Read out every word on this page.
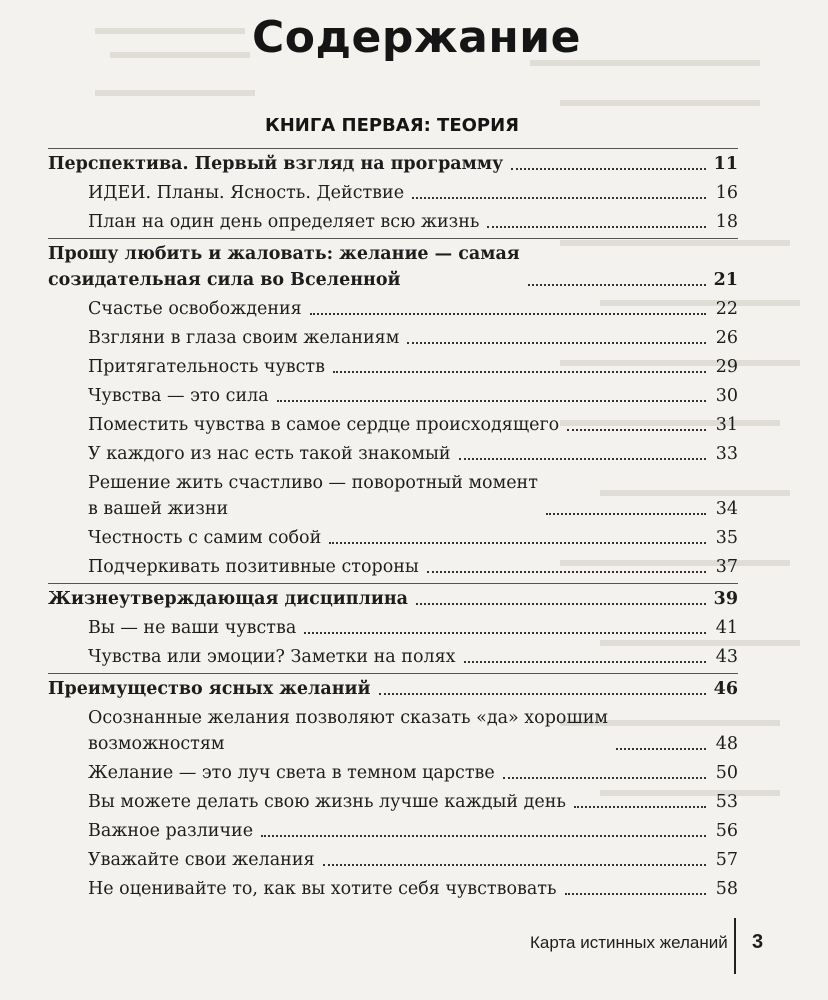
Содержание
КНИГА ПЕРВАЯ: ТЕОРИЯ
Перспектива. Первый взгляд на программу	11
ИДЕИ. Планы. Ясность. Действие	16
План на один день определяет всю жизнь	18
Прошу любить и жаловать: желание — самая
созидательная сила во Вселенной	21
Счастье освобождения	22
Взгляни в глаза своим желаниям	26
Притягательность чувств	29
Чувства — это сила	30
Поместить чувства в самое сердце происходящего	31
У каждого из нас есть такой знакомый	33
Решение жить счастливо — поворотный момент
в вашей жизни	34
Честность с самим собой	35
Подчеркивать позитивные стороны	37
Жизнеутверждающая дисциплина	39
Вы — не ваши чувства	41
Чувства или эмоции? Заметки на полях	43
Преимущество ясных желаний	46
Осознанные желания позволяют сказать «да» хорошим
возможностям	48
Желание — это луч света в темном царстве	50
Вы можете делать свою жизнь лучше каждый день	53
Важное различие	56
Уважайте свои желания	57
Не оценивайте то, как вы хотите себя чувствовать	58
Карта истинных желаний 3
